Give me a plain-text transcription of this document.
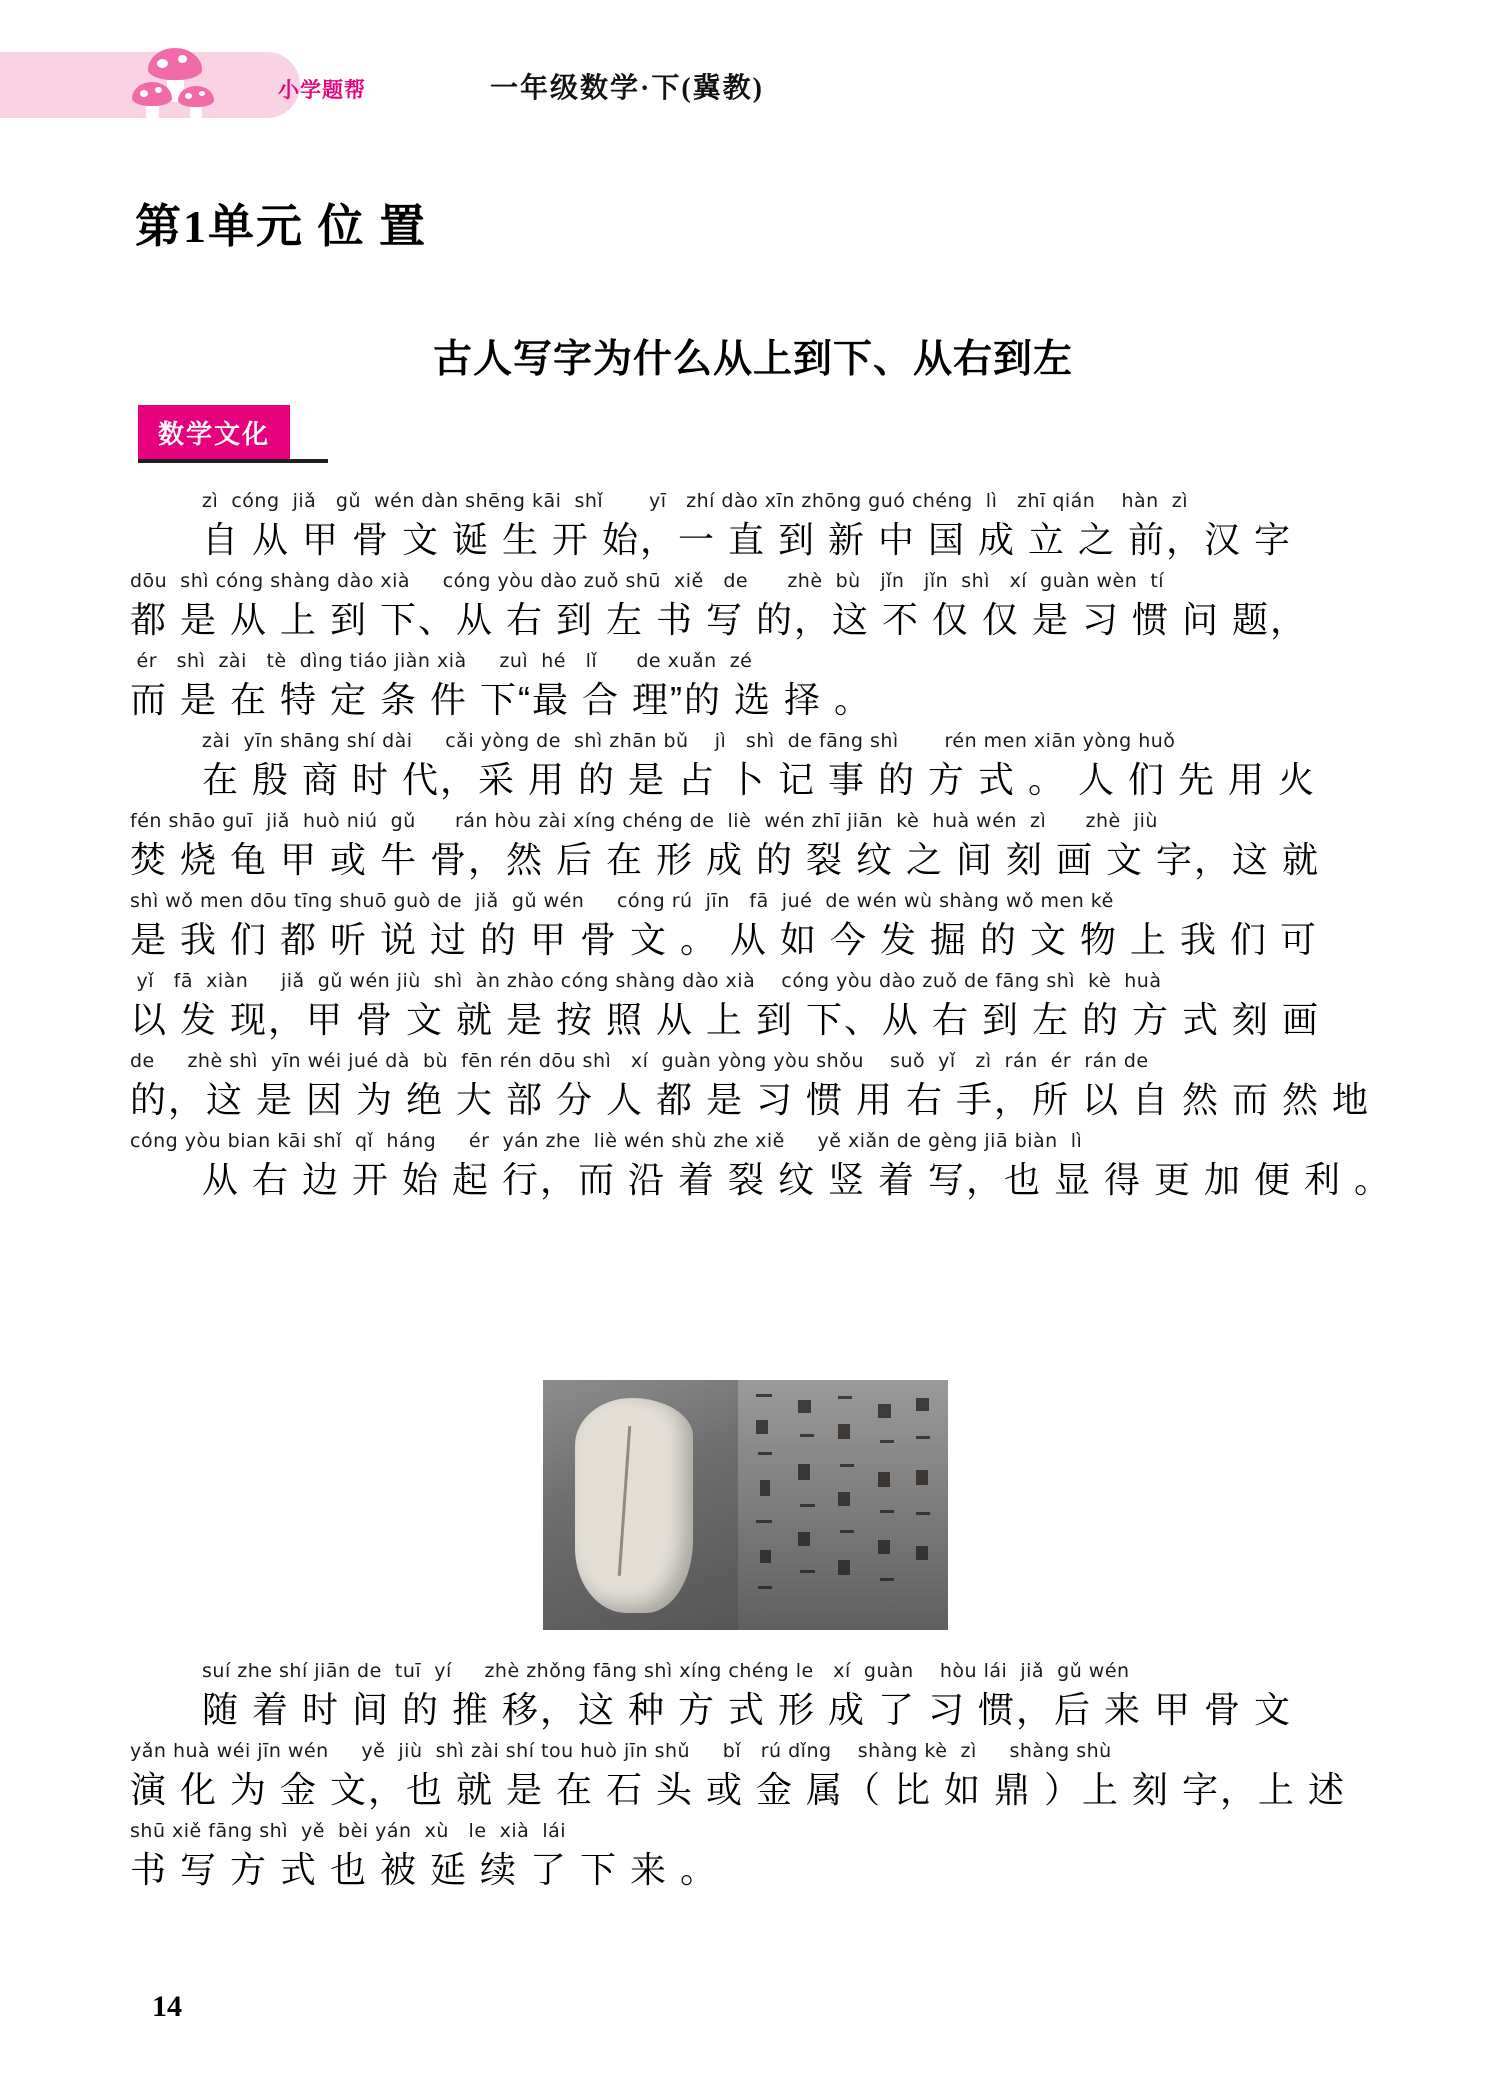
小学题帮	一年级数学·下(冀教)
第1单元 位 置
古人写字为什么从上到下、从右到左
数学文化
zì  cóng  jiǎ   gǔ  wén dàn shēng kāi  shǐ       yī   zhí dào xīn zhōng guó chéng  lì   zhī qián    hàn  zì
自 从 甲 骨 文 诞 生 开 始，一 直 到 新 中 国 成 立 之 前，汉 字
dōu  shì cóng shàng dào xià     cóng yòu dào zuǒ shū  xiě   de      zhè  bù   jǐn   jǐn  shì   xí  guàn wèn  tí
都 是 从 上 到 下、从 右 到 左 书 写 的，这 不 仅 仅 是 习 惯 问 题，
ér   shì  zài   tè  dìng tiáo jiàn xià     zuì  hé   lǐ      de xuǎn  zé
而 是 在 特 定 条 件 下“最 合 理”的 选 择 。
zài  yīn shāng shí dài     cǎi yòng de  shì zhān bǔ    jì   shì  de fāng shì       rén men xiān yòng huǒ
在 殷 商 时 代，采 用 的 是 占 卜 记 事 的 方 式 。 人 们 先 用 火
fén shāo guī  jiǎ  huò niú  gǔ      rán hòu zài xíng chéng de  liè  wén zhī jiān  kè  huà wén  zì      zhè  jiù
焚 烧 龟 甲 或 牛 骨，然 后 在 形 成 的 裂 纹 之 间 刻 画 文 字，这 就
shì wǒ men dōu tīng shuō guò de  jiǎ  gǔ wén     cóng rú  jīn   fā  jué  de wén wù shàng wǒ men kě
是 我 们 都 听 说 过 的 甲 骨 文 。 从 如 今 发 掘 的 文 物 上 我 们 可
yǐ   fā  xiàn     jiǎ  gǔ wén jiù  shì  àn zhào cóng shàng dào xià    cóng yòu dào zuǒ de fāng shì  kè  huà
以 发 现，甲 骨 文 就 是 按 照 从 上 到 下、从 右 到 左 的 方 式 刻 画
de     zhè shì  yīn wéi jué dà  bù  fēn rén dōu shì   xí  guàn yòng yòu shǒu    suǒ  yǐ   zì  rán  ér  rán de
的，这 是 因 为 绝 大 部 分 人 都 是 习 惯 用 右 手，所 以 自 然 而 然 地
cóng yòu bian kāi shǐ  qǐ  háng     ér  yán zhe  liè wén shù zhe xiě     yě xiǎn de gèng jiā biàn  lì
从 右 边 开 始 起 行，而 沿 着 裂 纹 竖 着 写，也 显 得 更 加 便 利 。
suí zhe shí jiān de  tuī  yí     zhè zhǒng fāng shì xíng chéng le   xí  guàn    hòu lái  jiǎ  gǔ wén
随 着 时 间 的 推 移，这 种 方 式 形 成 了 习 惯，后 来 甲 骨 文
yǎn huà wéi jīn wén     yě  jiù  shì zài shí tou huò jīn shǔ     bǐ   rú dǐng    shàng kè  zì     shàng shù
演 化 为 金 文，也 就 是 在 石 头 或 金 属（ 比 如 鼎 ）上 刻 字，上 述
shū xiě fāng shì  yě  bèi yán  xù   le  xià  lái
书 写 方 式 也 被 延 续 了 下 来 。
14
